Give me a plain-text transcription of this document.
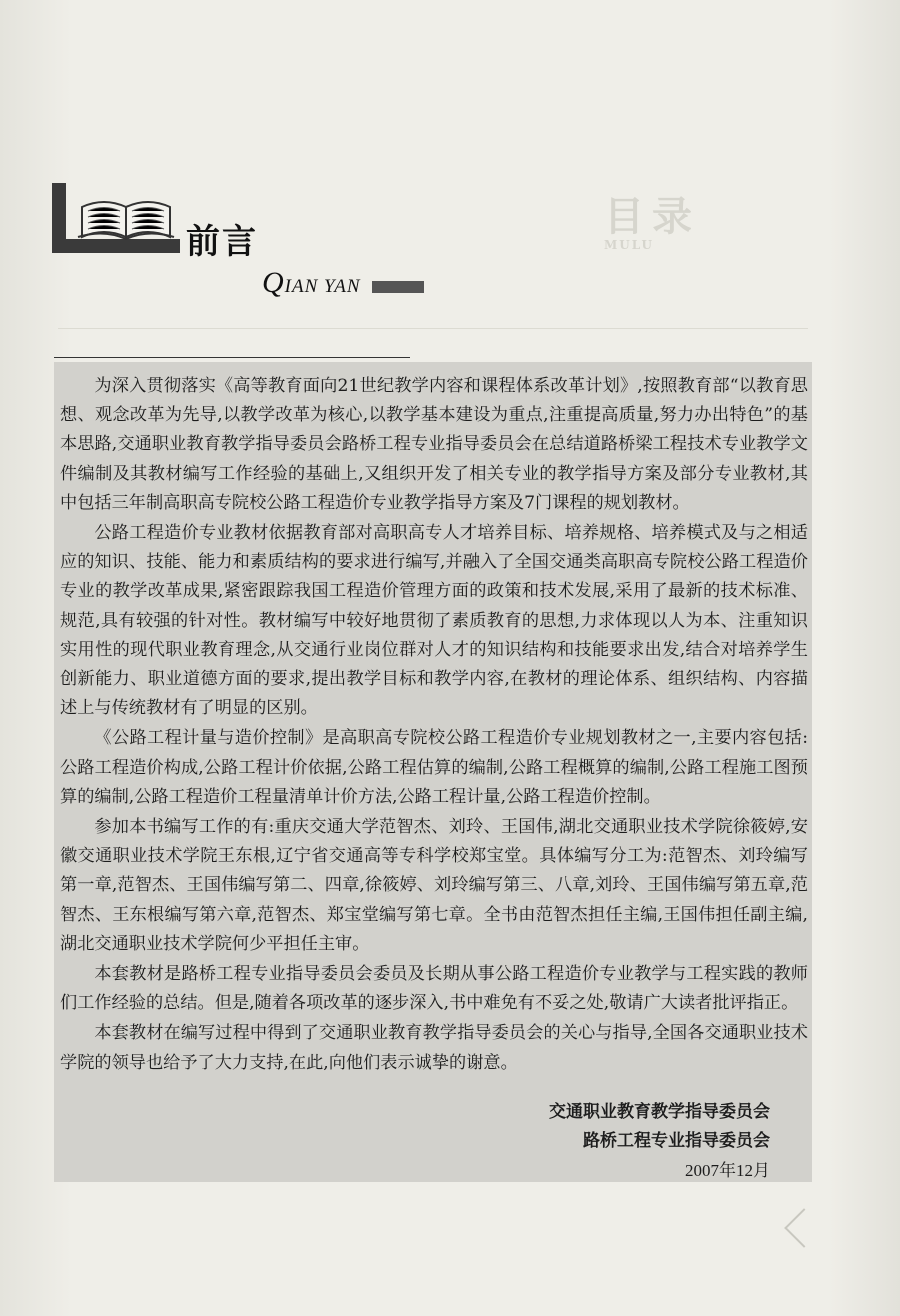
目录
MULU
前言
QIAN YAN

为深入贯彻落实《高等教育面向21世纪教学内容和课程体系改革计划》,按照教育部“以教育思想、观念改革为先导,以教学改革为核心,以教学基本建设为重点,注重提高质量,努力办出特色”的基本思路,交通职业教育教学指导委员会路桥工程专业指导委员会在总结道路桥梁工程技术专业教学文件编制及其教材编写工作经验的基础上,又组织开发了相关专业的教学指导方案及部分专业教材,其中包括三年制高职高专院校公路工程造价专业教学指导方案及7门课程的规划教材。

公路工程造价专业教材依据教育部对高职高专人才培养目标、培养规格、培养模式及与之相适应的知识、技能、能力和素质结构的要求进行编写,并融入了全国交通类高职高专院校公路工程造价专业的教学改革成果,紧密跟踪我国工程造价管理方面的政策和技术发展,采用了最新的技术标准、规范,具有较强的针对性。教材编写中较好地贯彻了素质教育的思想,力求体现以人为本、注重知识实用性的现代职业教育理念,从交通行业岗位群对人才的知识结构和技能要求出发,结合对培养学生创新能力、职业道德方面的要求,提出教学目标和教学内容,在教材的理论体系、组织结构、内容描述上与传统教材有了明显的区别。

《公路工程计量与造价控制》是高职高专院校公路工程造价专业规划教材之一,主要内容包括:公路工程造价构成,公路工程计价依据,公路工程估算的编制,公路工程概算的编制,公路工程施工图预算的编制,公路工程造价工程量清单计价方法,公路工程计量,公路工程造价控制。

参加本书编写工作的有:重庆交通大学范智杰、刘玲、王国伟,湖北交通职业技术学院徐筱婷,安徽交通职业技术学院王东根,辽宁省交通高等专科学校郑宝堂。具体编写分工为:范智杰、刘玲编写第一章,范智杰、王国伟编写第二、四章,徐筱婷、刘玲编写第三、八章,刘玲、王国伟编写第五章,范智杰、王东根编写第六章,范智杰、郑宝堂编写第七章。全书由范智杰担任主编,王国伟担任副主编,湖北交通职业技术学院何少平担任主审。

本套教材是路桥工程专业指导委员会委员及长期从事公路工程造价专业教学与工程实践的教师们工作经验的总结。但是,随着各项改革的逐步深入,书中难免有不妥之处,敬请广大读者批评指正。

本套教材在编写过程中得到了交通职业教育教学指导委员会的关心与指导,全国各交通职业技术学院的领导也给予了大力支持,在此,向他们表示诚挚的谢意。

交通职业教育教学指导委员会
路桥工程专业指导委员会
2007年12月
